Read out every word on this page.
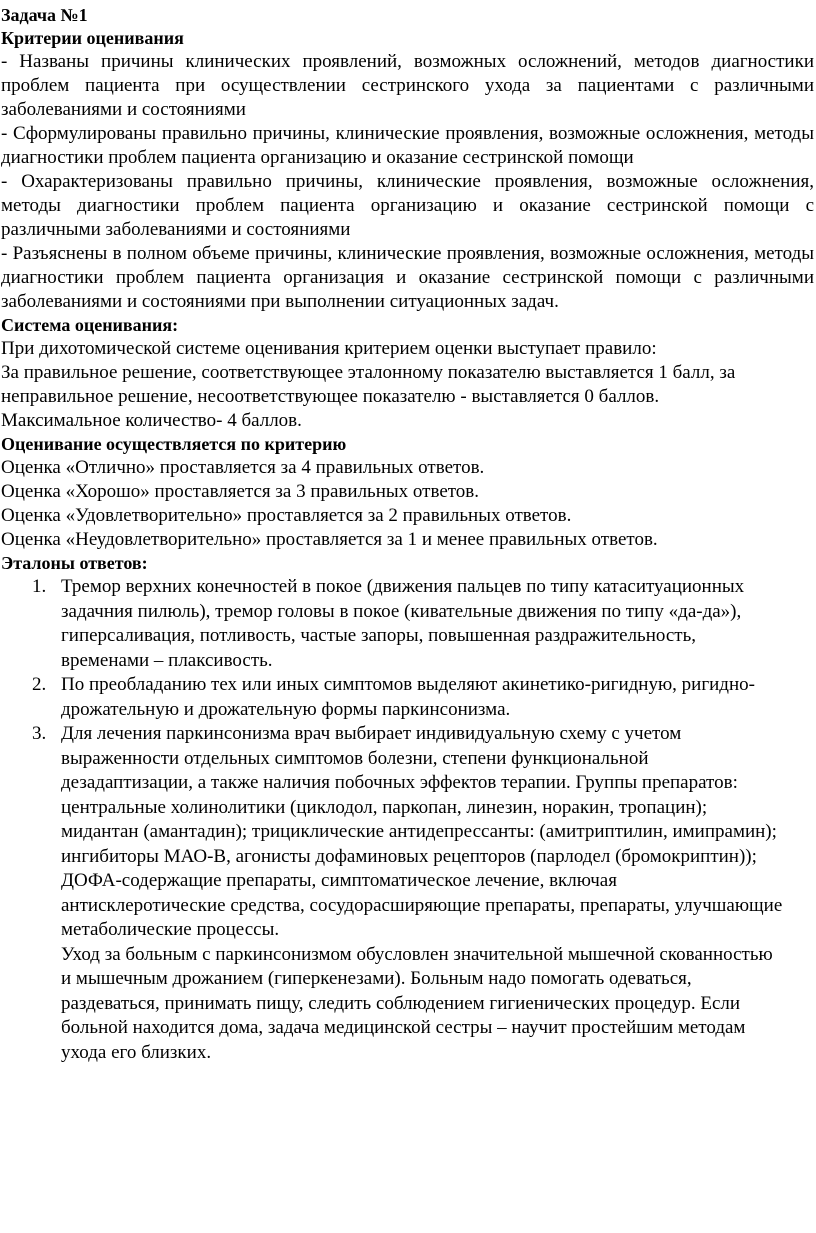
Задача №1

Критерии оценивания

- Названы причины клинических проявлений, возможных осложнений, методов диагностики проблем пациента при осуществлении сестринского ухода за пациентами с различными заболеваниями и состояниями

- Сформулированы правильно причины, клинические проявления, возможные осложнения, методы диагностики проблем пациента организацию и оказание сестринской помощи

- Охарактеризованы правильно причины, клинические проявления, возможные осложнения, методы диагностики проблем пациента организацию и оказание сестринской помощи с различными заболеваниями и состояниями

- Разъяснены в полном объеме причины, клинические проявления, возможные осложнения, методы диагностики проблем пациента организация и оказание сестринской помощи с различными заболеваниями и состояниями при выполнении ситуационных задач.

Система оценивания:

При дихотомической системе оценивания критерием оценки выступает правило:

За правильное решение, соответствующее эталонному показателю выставляется 1 балл, за неправильное решение, несоответствующее показателю - выставляется 0 баллов.

Максимальное количество- 4 баллов.

Оценивание осуществляется по критерию

Оценка «Отлично» проставляется за 4 правильных ответов.

Оценка «Хорошо» проставляется за 3 правильных ответов.

Оценка «Удовлетворительно» проставляется за 2 правильных ответов.

Оценка «Неудовлетворительно» проставляется за 1 и менее правильных ответов.

Эталоны ответов:

1. Тремор верхних конечностей в покое (движения пальцев по типу катаситуационных задачния пилюль), тремор головы в покое (кивательные движения по типу «да-да»), гиперсаливация, потливость, частые запоры, повышенная раздражительность, временами – плаксивость.
2. По преобладанию тех или иных симптомов выделяют акинетико-ригидную, ригидно-дрожательную и дрожательную формы паркинсонизма.
3. Для лечения паркинсонизма врач выбирает индивидуальную схему с учетом выраженности отдельных симптомов болезни, степени функциональной дезадаптизации, а также наличия побочных эффектов терапии. Группы препаратов: центральные холинолитики (циклодол, паркопан, линезин, норакин, тропацин); мидантан (амантадин); трициклические антидепрессанты: (амитриптилин, имипрамин); ингибиторы МАО-В, агонисты дофаминовых рецепторов (парлодел (бромокриптин)); ДОФА-содержащие препараты, симптоматическое лечение, включая антисклеротические средства, сосудорасширяющие препараты, препараты, улучшающие метаболические процессы.

Уход за больным с паркинсонизмом обусловлен значительной мышечной скованностью и мышечным дрожанием (гиперкенезами). Больным надо помогать одеваться, раздеваться, принимать пищу, следить соблюдением гигиенических процедур. Если больной находится дома, задача медицинской сестры – научит простейшим методам ухода его близких.
